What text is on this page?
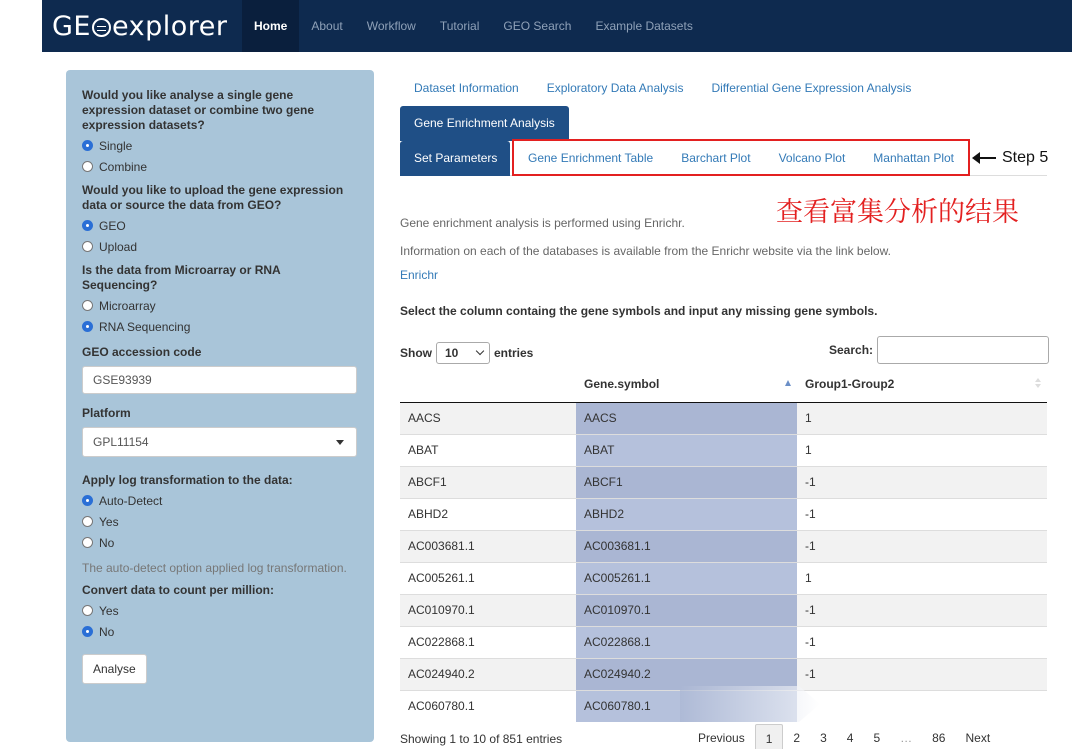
GE explorer	Home	About	Workflow	Tutorial	GEO Search	Example Datasets
Would you like analyse a single gene expression dataset or combine two gene expression datasets?
Single
Combine
Would you like to upload the gene expression data or source the data from GEO?
GEO
Upload
Is the data from Microarray or RNA Sequencing?
Microarray
RNA Sequencing
GEO accession code
GSE93939
Platform
GPL11154
Apply log transformation to the data:
Auto-Detect
Yes
No
The auto-detect option applied log transformation.
Convert data to count per million:
Yes
No
Analyse
Dataset Information	Exploratory Data Analysis	Differential Gene Expression Analysis
Gene Enrichment Analysis
Set Parameters	Gene Enrichment Table	Barchart Plot	Volcano Plot	Manhattan Plot
Gene enrichment analysis is performed using Enrichr.
Information on each of the databases is available from the Enrichr website via the link below.
Enrichr
Select the column containg the gene symbols and input any missing gene symbols.
Show	10	entries	Search:
	Gene.symbol	Group1-Group2

AACS	AACS	1
ABAT	ABAT	1
ABCF1	ABCF1	-1
ABHD2	ABHD2	-1
AC003681.1	AC003681.1	-1
AC005261.1	AC005261.1	1
AC010970.1	AC010970.1	-1
AC022868.1	AC022868.1	-1
AC024940.2	AC024940.2	-1
AC060780.1	AC060780.1	
Showing 1 to 10 of 851 entries	Previous	1	2	3	4	5	…	86	Next
Step 5
查看富集分析的结果
